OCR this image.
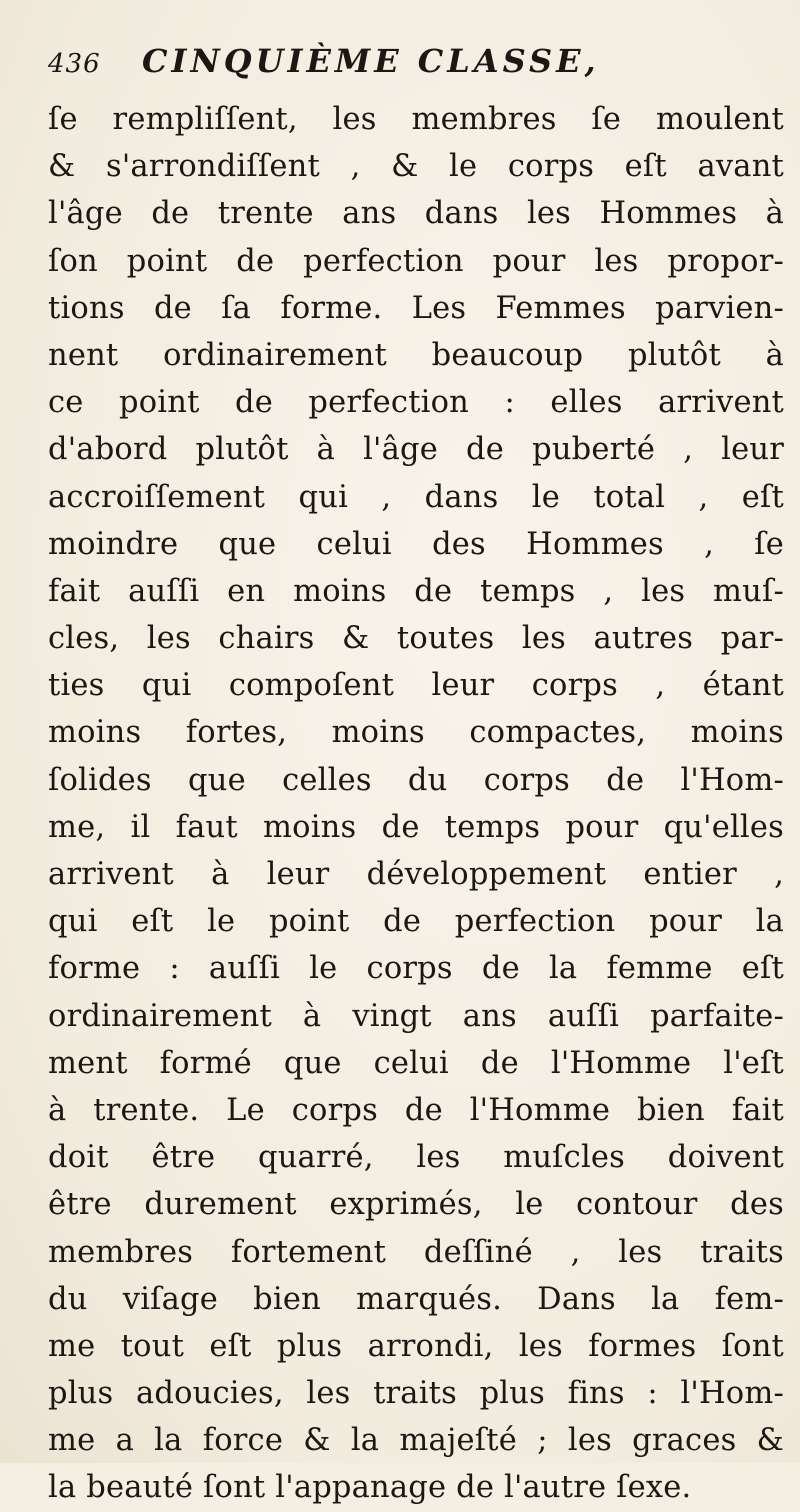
436 CINQUIÈME CLASSE,
ſe rempliſſent, les membres ſe moulent
& s'arrondiſſent , & le corps eſt avant
l'âge de trente ans dans les Hommes à
ſon point de perfection pour les propor-
tions de ſa forme. Les Femmes parvien-
nent ordinairement beaucoup plutôt à
ce point de perfection : elles arrivent
d'abord plutôt à l'âge de puberté , leur
accroiſſement qui , dans le total , eſt
moindre que celui des Hommes , ſe
fait auſſi en moins de temps , les muſ-
cles, les chairs & toutes les autres par-
ties qui compoſent leur corps , étant
moins fortes, moins compactes, moins
ſolides que celles du corps de l'Hom-
me, il faut moins de temps pour qu'elles
arrivent à leur développement entier ,
qui eſt le point de perfection pour la
forme : auſſi le corps de la femme eſt
ordinairement à vingt ans auſſi parfaite-
ment formé que celui de l'Homme l'eſt
à trente. Le corps de l'Homme bien fait
doit être quarré, les muſcles doivent
être durement exprimés, le contour des
membres fortement deſſiné , les traits
du viſage bien marqués. Dans la fem-
me tout eſt plus arrondi, les formes ſont
plus adoucies, les traits plus fins : l'Hom-
me a la force & la majeſté ; les graces &
la beauté ſont l'appanage de l'autre ſexe.
